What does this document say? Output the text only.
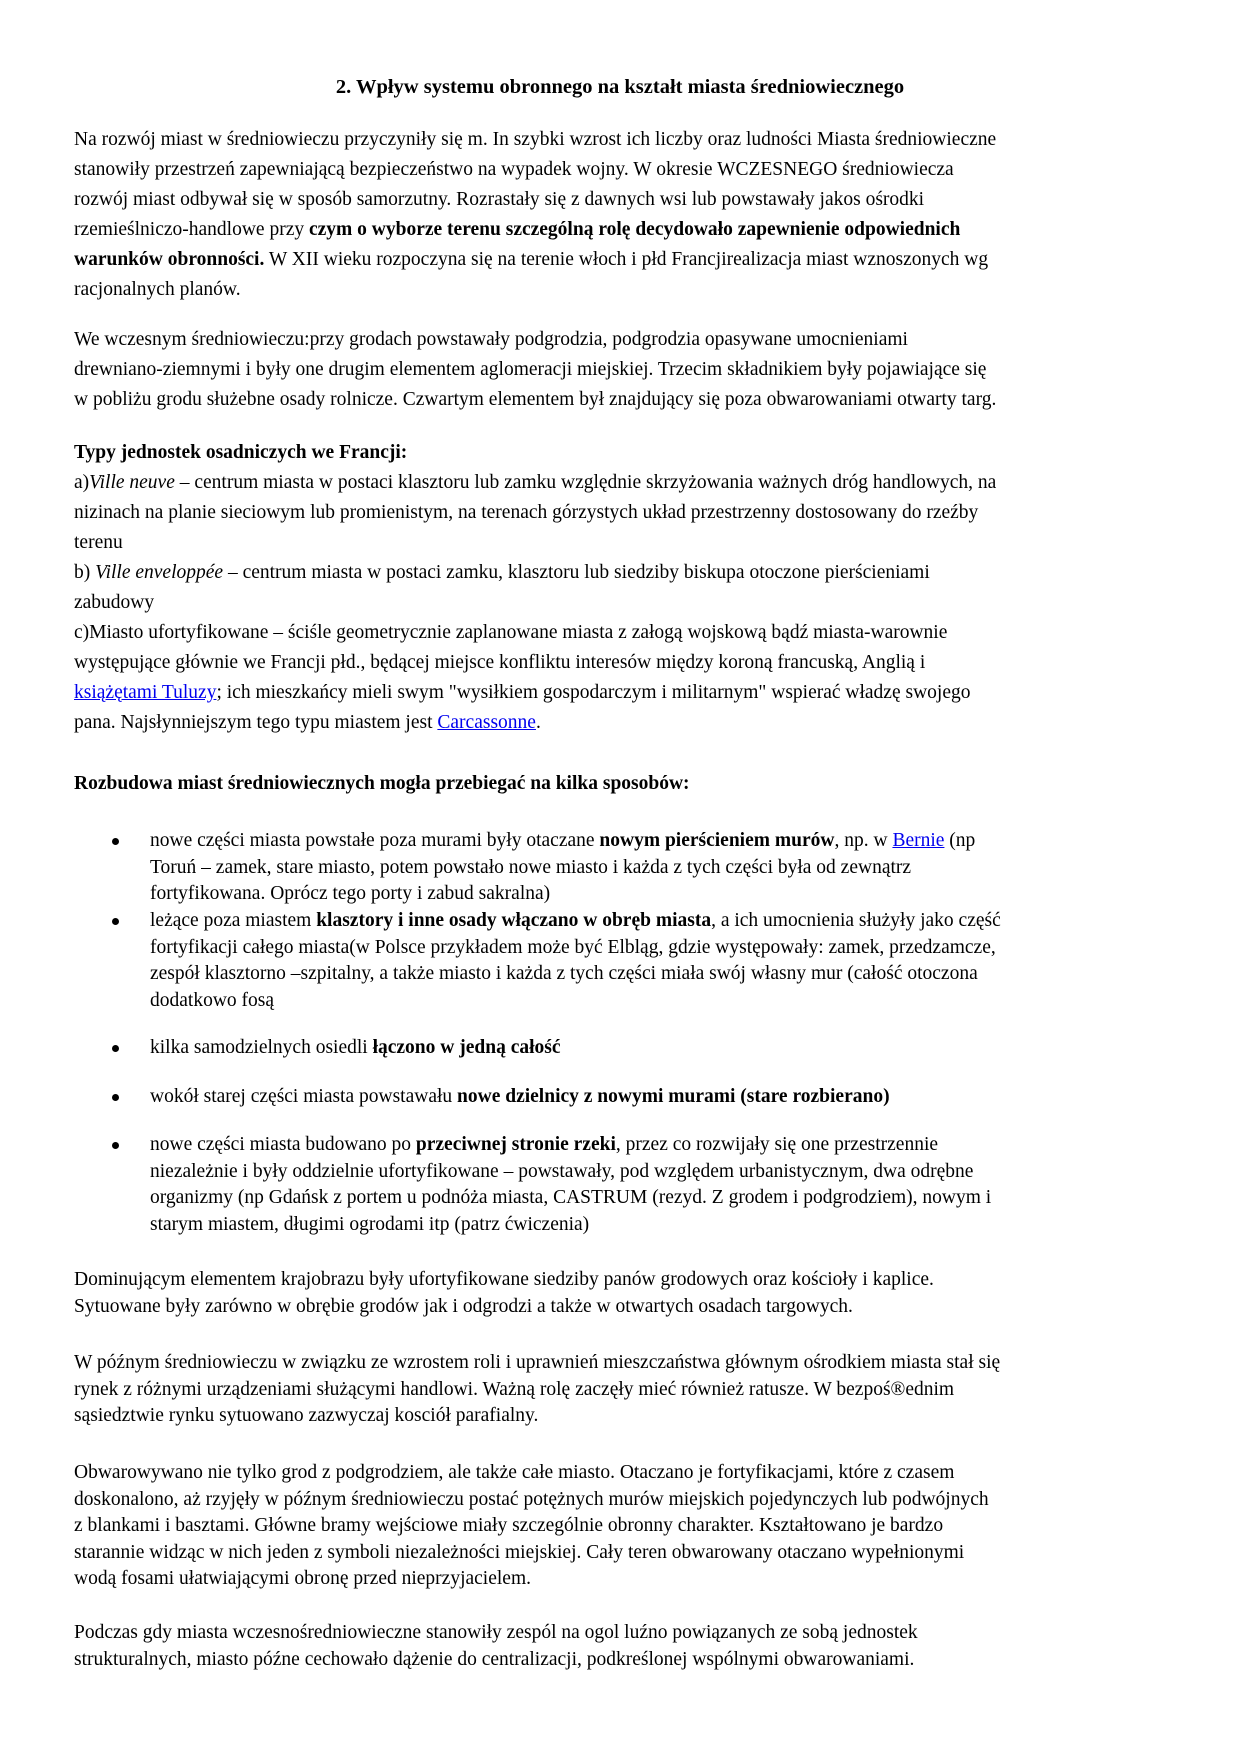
2. Wpływ systemu obronnego na kształt miasta średniowiecznego
Na rozwój miast w średniowieczu przyczyniły się m. In szybki wzrost ich liczby oraz ludności Miasta średniowieczne
stanowiły przestrzeń zapewniającą bezpieczeństwo na wypadek wojny. W okresie WCZESNEGO średniowiecza
rozwój miast odbywał się w sposób samorzutny. Rozrastały się z dawnych wsi lub powstawały jakos ośrodki
rzemieślniczo-handlowe przy czym o wyborze terenu szczególną rolę decydowało zapewnienie odpowiednich
warunków obronności. W XII wieku rozpoczyna się na terenie włoch i płd Francjirealizacja miast wznoszonych wg
racjonalnych planów.
We wczesnym średniowieczu:przy grodach powstawały podgrodzia, podgrodzia opasywane umocnieniami
drewniano-ziemnymi i były one drugim elementem aglomeracji miejskiej. Trzecim składnikiem były pojawiające się
w pobliżu grodu służebne osady rolnicze. Czwartym elementem był znajdujący się poza obwarowaniami otwarty targ.
Typy jednostek osadniczych we Francji:
a)Ville neuve – centrum miasta w postaci klasztoru lub zamku względnie skrzyżowania ważnych dróg handlowych, na
nizinach na planie sieciowym lub promienistym, na terenach górzystych układ przestrzenny dostosowany do rzeźby
terenu
b) Ville enveloppée – centrum miasta w postaci zamku, klasztoru lub siedziby biskupa otoczone pierścieniami
zabudowy
c)Miasto ufortyfikowane – ściśle geometrycznie zaplanowane miasta z załogą wojskową bądź miasta-warownie
występujące głównie we Francji płd., będącej miejsce konfliktu interesów między koroną francuską, Anglią i
książętami Tuluzy; ich mieszkańcy mieli swym "wysiłkiem gospodarczym i militarnym" wspierać władzę swojego
pana. Najsłynniejszym tego typu miastem jest Carcassonne.
Rozbudowa miast średniowiecznych mogła przebiegać na kilka sposobów:
nowe części miasta powstałe poza murami były otaczane nowym pierścieniem murów, np. w Bernie (np
Toruń – zamek, stare miasto, potem powstało nowe miasto i każda z tych części była od zewnątrz
fortyfikowana. Oprócz tego porty i zabud sakralna)
leżące poza miastem klasztory i inne osady włączano w obręb miasta, a ich umocnienia służyły jako część
fortyfikacji całego miasta(w Polsce przykładem może być Elbląg, gdzie występowały: zamek, przedzamcze,
zespół klasztorno –szpitalny, a także miasto i każda z tych części miała swój własny mur (całość otoczona
dodatkowo fosą
kilka samodzielnych osiedli łączono w jedną całość
wokół starej części miasta powstawału nowe dzielnicy z nowymi murami (stare rozbierano)
nowe części miasta budowano po przeciwnej stronie rzeki, przez co rozwijały się one przestrzennie
niezależnie i były oddzielnie ufortyfikowane – powstawały, pod względem urbanistycznym, dwa odrębne
organizmy (np Gdańsk z portem u podnóża miasta, CASTRUM (rezyd. Z grodem i podgrodziem), nowym i
starym miastem, długimi ogrodami itp (patrz ćwiczenia)
Dominującym elementem krajobrazu były ufortyfikowane siedziby panów grodowych oraz kościoły i kaplice.
Sytuowane były zarówno w obrębie grodów jak i odgrodzi a także w otwartych osadach targowych.
W późnym średniowieczu w związku ze wzrostem roli i uprawnień mieszczaństwa głównym ośrodkiem miasta stał się
rynek z różnymi urządzeniami służącymi handlowi. Ważną rolę zaczęły mieć również ratusze. W bezpoś®ednim
sąsiedztwie rynku sytuowano zazwyczaj kosciół parafialny.
Obwarowywano nie tylko grod z podgrodziem, ale także całe miasto. Otaczano je fortyfikacjami, które z czasem
doskonalono, aż rzyjęły w późnym średniowieczu postać potężnych murów miejskich pojedynczych lub podwójnych
z blankami i basztami. Główne bramy wejściowe miały szczególnie obronny charakter. Kształtowano je bardzo
starannie widząc w nich jeden z symboli niezależności miejskiej. Cały teren obwarowany otaczano wypełnionymi
wodą fosami ułatwiającymi obronę przed nieprzyjacielem.
Podczas gdy miasta wczesnośredniowieczne stanowiły zespól na ogol luźno powiązanych ze sobą jednostek
strukturalnych, miasto późne cechowało dążenie do centralizacji, podkreślonej wspólnymi obwarowaniami.
